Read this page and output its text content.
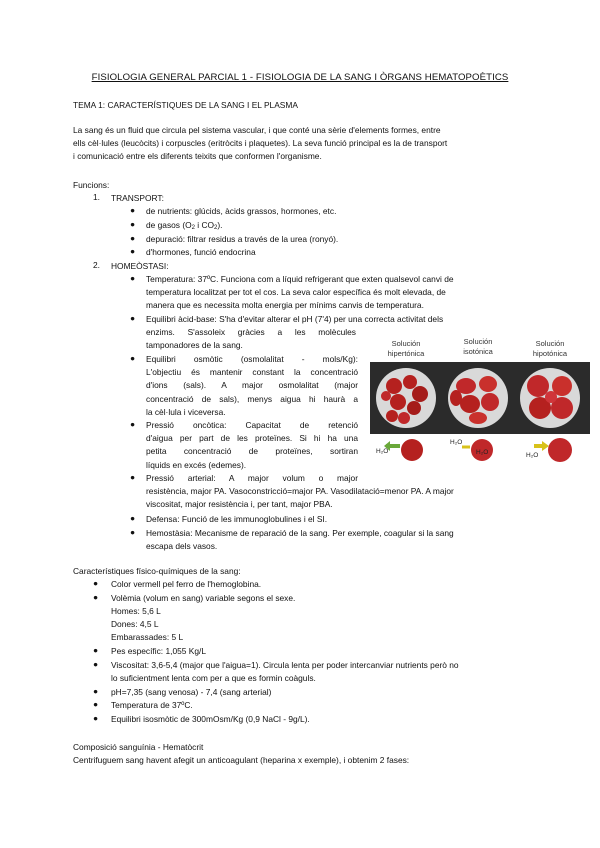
FISIOLOGIA GENERAL PARCIAL 1 - FISIOLOGIA DE LA SANG I ÒRGANS HEMATOPOÈTICS
TEMA 1: CARACTERÍSTIQUES DE LA SANG I EL PLASMA
La sang és un fluid que circula pel sistema vascular, i que conté una sèrie d'elements formes, entre
ells cèl·lules (leucòcits) i corpuscles (eritròcits i plaquetes). La seva funció principal es la de transport
i comunicació entre els diferents teixits que conformen l'organisme.
Funcions:
1. TRANSPORT:
● de nutrients: glúcids, àcids grassos, hormones, etc.
● de gasos ($O_2$ i $CO_2$).
● depuració: filtrar residus a través de la urea (ronyó).
● d'hormones, funció endocrina
2. HOMEÒSTASI:
● Temperatura: 37ºC. Funciona com a líquid refrigerant que exten qualsevol canvi de
temperatura localitzat per tot el cos. La seva calor específica és molt elevada, de
manera que es necessita molta energia per mínims canvis de temperatura.
● Equilibri àcid-base: S'ha d'evitar alterar el pH (7'4) per una correcta activitat dels
enzims. S'assoleix gràcies a les molècules
tamponadores de la sang.
● Equilibri osmòtic (osmolalitat - mols/Kg):
L'objectiu és mantenir constant la concentració
d'ions (sals). A major osmolalitat (major
concentració de sals), menys aigua hi haurà a
la cèl·lula i viceversa.
● Pressió oncòtica: Capacitat de retenció
d'aigua per part de les proteïnes. Si hi ha una
petita concentració de proteïnes, sortiran
líquids en excés (edemes).
● Pressió arterial: A major volum o major
resistència, major PA. Vasoconstricció=major PA. Vasodilatació=menor PA. A major
viscositat, major resistència i, per tant, major PBA.
● Defensa: Funció de les immunoglobulines i el SI.
● Hemostàsia: Mecanisme de reparació de la sang. Per exemple, coagular si la sang
escapa dels vasos.
Solución
hipertónica
Solución
isotónica
Solución
hipotónica
H₂O
H₂O
H₂O	H₂O
Característiques físico-químiques de la sang:
● Color vermell pel ferro de l'hemoglobina.
● Volèmia (volum en sang) variable segons el sexe.
Homes: 5,6 L
Dones: 4,5 L
Embarassades: 5 L
● Pes específic: 1,055 Kg/L
● Viscositat: 3,6-5,4 (major que l'aigua=1). Circula lenta per poder intercanviar nutrients però no
lo suficientment lenta com per a que es formin coàguls.
● pH=7,35 (sang venosa) - 7,4 (sang arterial)
● Temperatura de 37ºC.
● Equilibri isosmòtic de 300mOsm/Kg (0,9 NaCl - 9g/L).
Composició sanguínia - Hematòcrit
Centrifuguem sang havent afegit un anticoagulant (heparina x exemple), i obtenim 2 fases:
